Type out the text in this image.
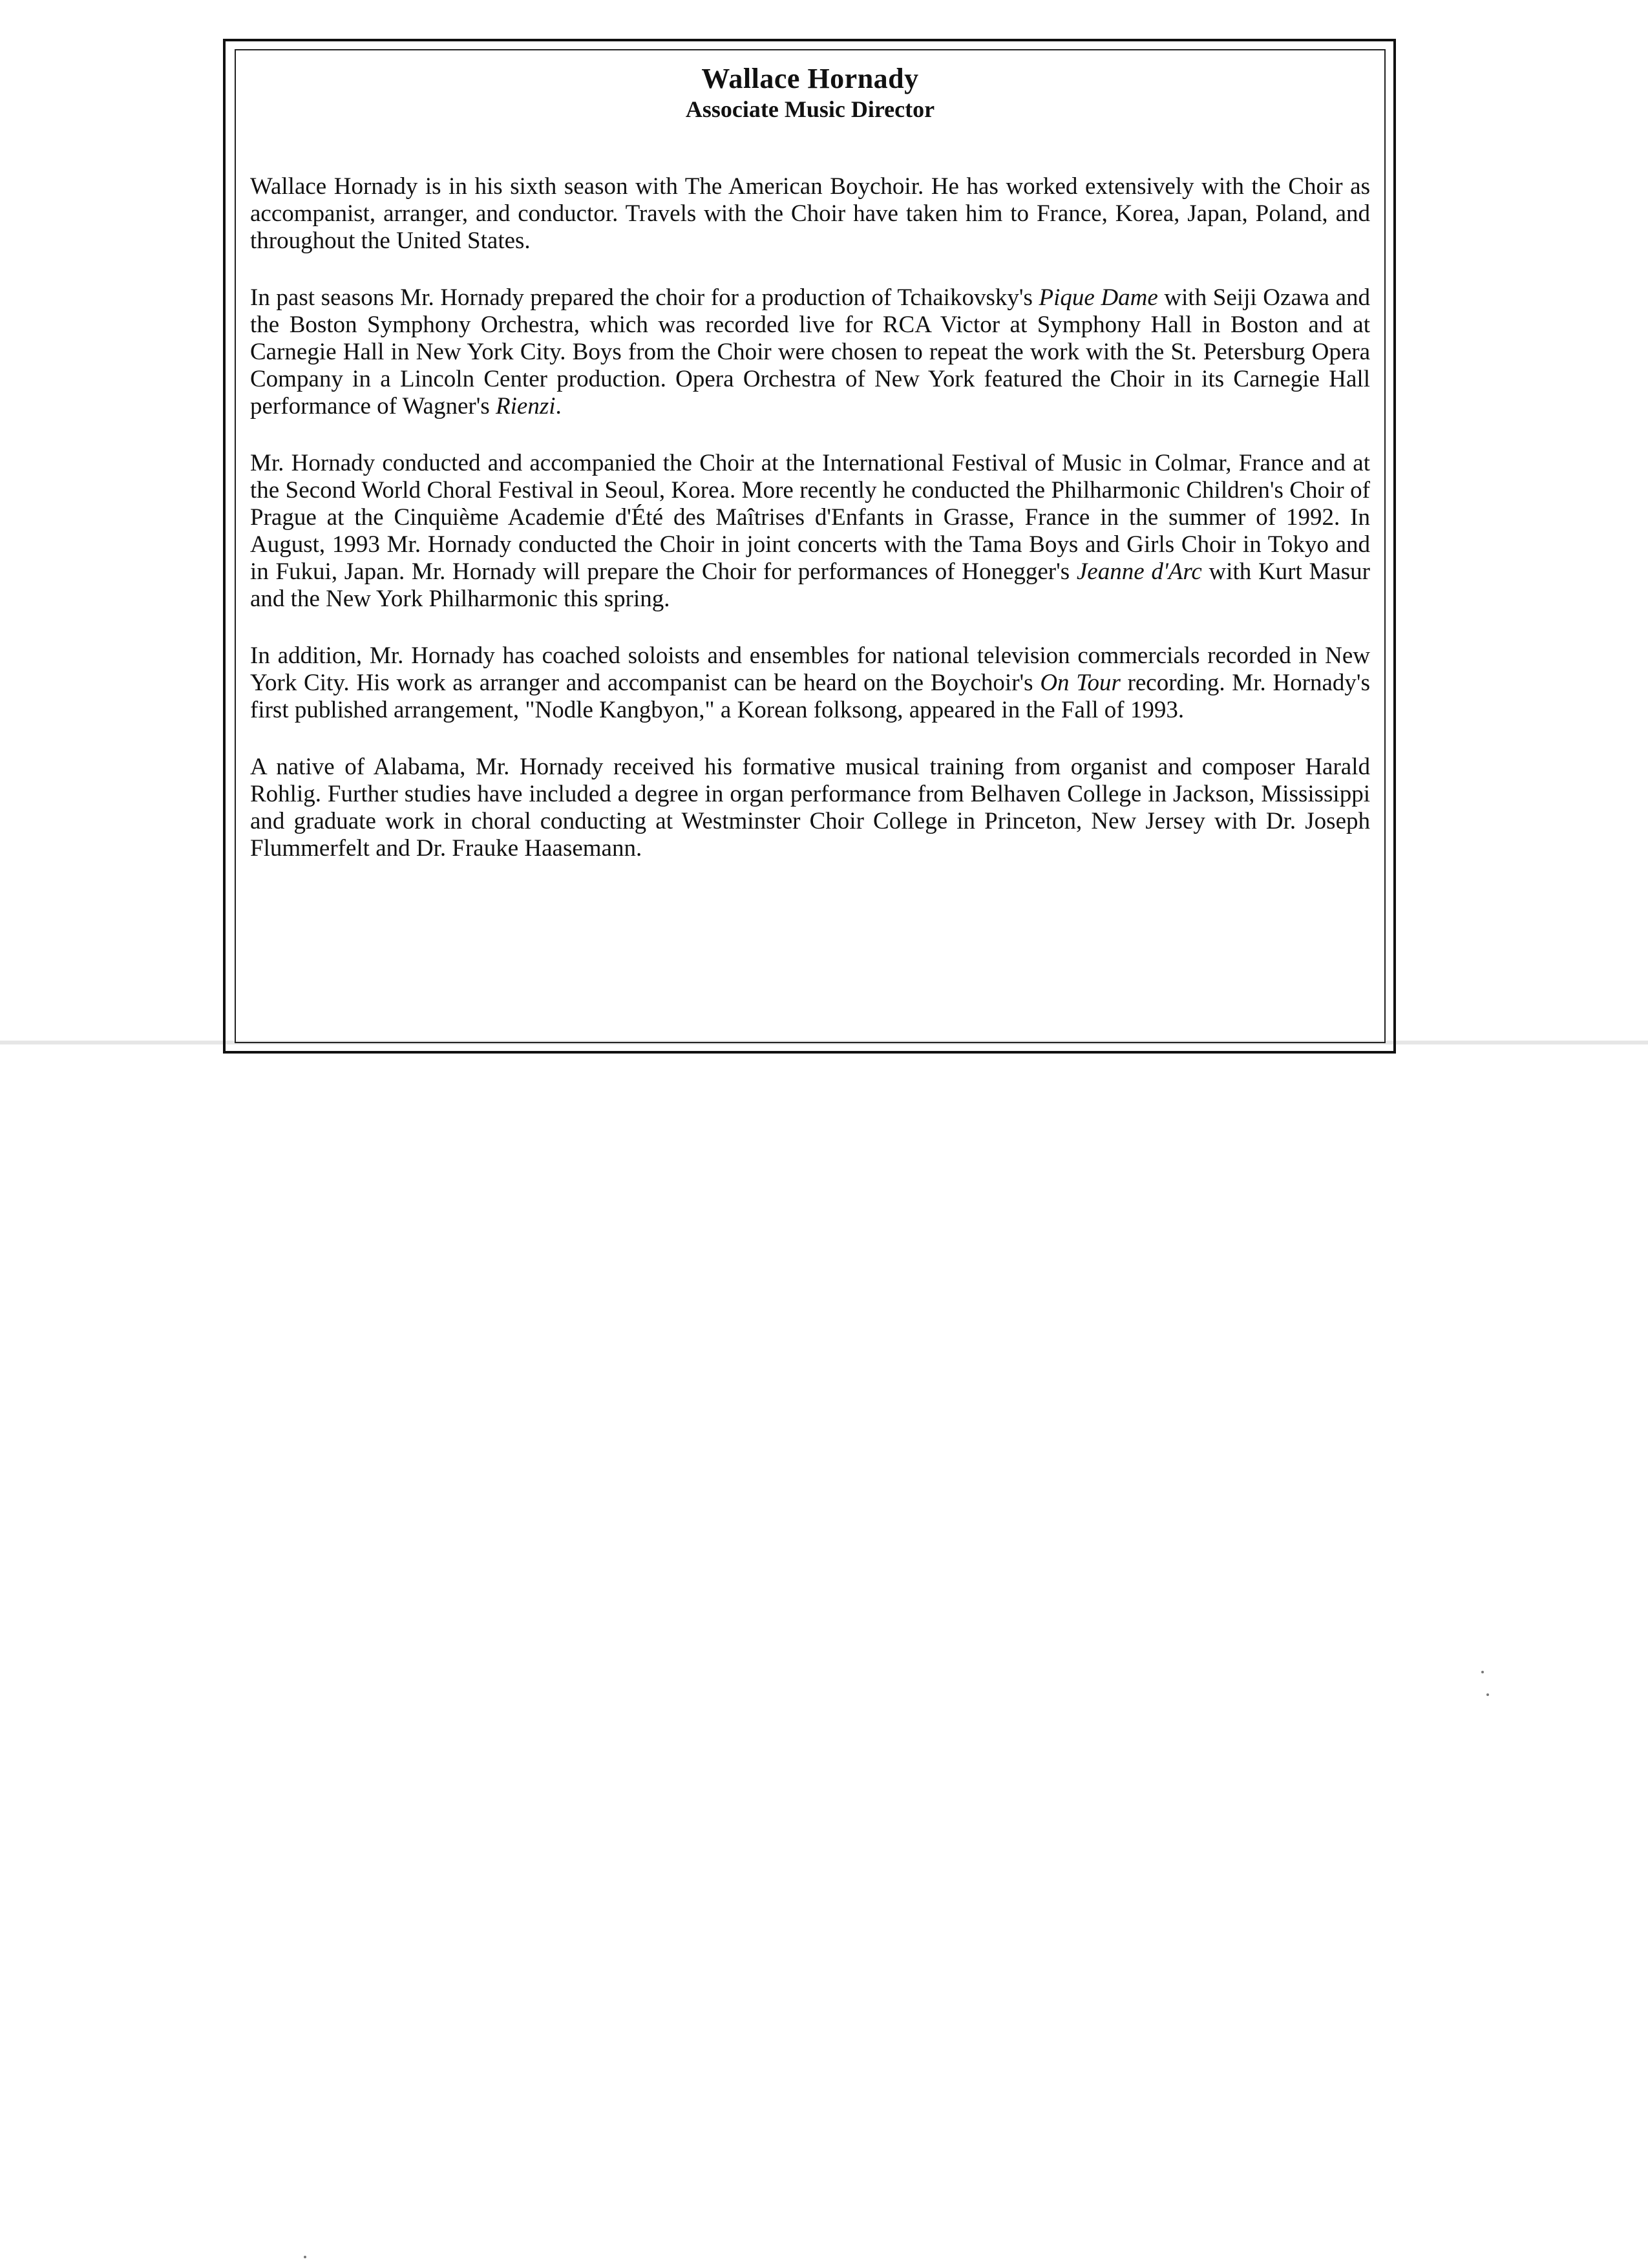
Wallace Hornady
Associate Music Director

Wallace Hornady is in his sixth season with The American Boychoir. He has worked extensively with the Choir as accompanist, arranger, and conductor. Travels with the Choir have taken him to France, Korea, Japan, Poland, and throughout the United States.

In past seasons Mr. Hornady prepared the choir for a production of Tchaikovsky's Pique Dame with Seiji Ozawa and the Boston Symphony Orchestra, which was recorded live for RCA Victor at Symphony Hall in Boston and at Carnegie Hall in New York City. Boys from the Choir were chosen to repeat the work with the St. Petersburg Opera Company in a Lincoln Center production. Opera Orchestra of New York featured the Choir in its Carnegie Hall performance of Wagner's Rienzi.

Mr. Hornady conducted and accompanied the Choir at the International Festival of Music in Colmar, France and at the Second World Choral Festival in Seoul, Korea. More recently he conducted the Philharmonic Children's Choir of Prague at the Cinquième Academie d'Été des Maîtrises d'Enfants in Grasse, France in the summer of 1992. In August, 1993 Mr. Hornady conducted the Choir in joint concerts with the Tama Boys and Girls Choir in Tokyo and in Fukui, Japan. Mr. Hornady will prepare the Choir for performances of Honegger's Jeanne d'Arc with Kurt Masur and the New York Philharmonic this spring.

In addition, Mr. Hornady has coached soloists and ensembles for national television commercials recorded in New York City. His work as arranger and accompanist can be heard on the Boychoir's On Tour recording. Mr. Hornady's first published arrangement, "Nodle Kangbyon," a Korean folksong, appeared in the Fall of 1993.

A native of Alabama, Mr. Hornady received his formative musical training from organist and composer Harald Rohlig. Further studies have included a degree in organ performance from Belhaven College in Jackson, Mississippi and graduate work in choral conducting at Westminster Choir College in Princeton, New Jersey with Dr. Joseph Flummerfelt and Dr. Frauke Haasemann.
